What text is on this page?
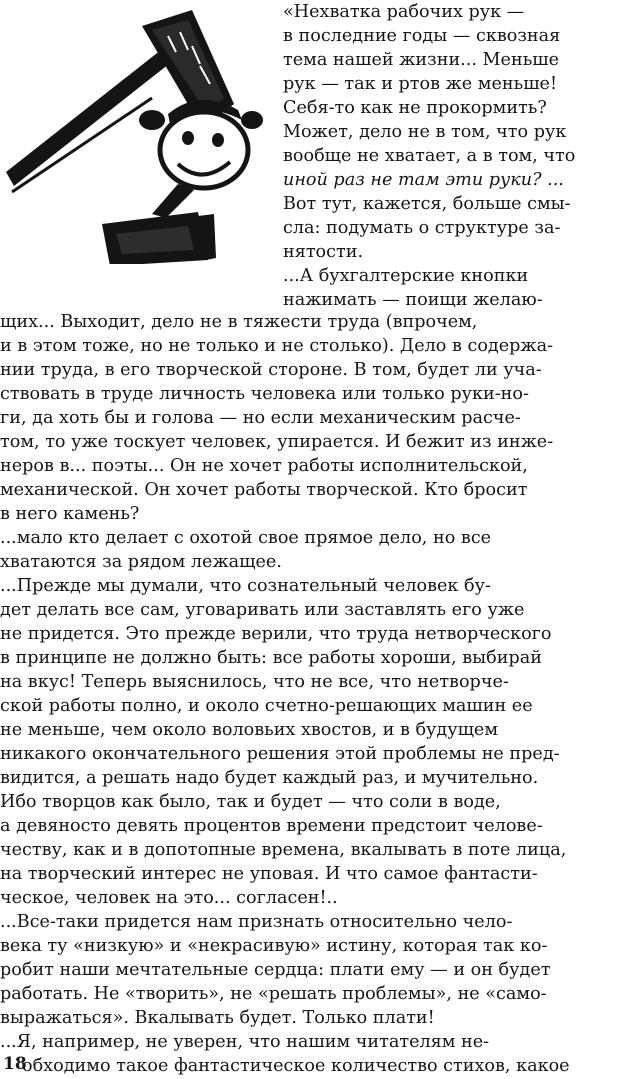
«Нехватка рабочих рук —
в последние годы — сквозная
тема нашей жизни... Меньше
рук — так и ртов же меньше!
Себя-то как не прокормить?
Может, дело не в том, что рук
вообще не хватает, а в том, что
иной раз не там эти руки? ...
Вот тут, кажется, больше смы-
сла: подумать о структуре за-
нятости.
...А бухгалтерские кнопки
нажимать — поищи желаю-
щих... Выходит, дело не в тяжести труда (впрочем,
и в этом тоже, но не только и не столько). Дело в содержа-
нии труда, в его творческой стороне. В том, будет ли уча-
ствовать в труде личность человека или только руки-но-
ги, да хоть бы и голова — но если механическим расче-
том, то уже тоскует человек, упирается. И бежит из инже-
неров в... поэты... Он не хочет работы исполнительской,
механической. Он хочет работы творческой. Кто бросит
в него камень?
...мало кто делает с охотой свое прямое дело, но все
хватаются за рядом лежащее.
...Прежде мы думали, что сознательный человек бу-
дет делать все сам, уговаривать или заставлять его уже
не придется. Это прежде верили, что труда нетворческого
в принципе не должно быть: все работы хороши, выбирай
на вкус! Теперь выяснилось, что не все, что нетворче-
ской работы полно, и около счетно-решающих машин ее
не меньше, чем около воловьих хвостов, и в будущем
никакого окончательного решения этой проблемы не пред-
видится, а решать надо будет каждый раз, и мучительно.
Ибо творцов как было, так и будет — что соли в воде,
а девяносто девять процентов времени предстоит челове-
честву, как и в допотопные времена, вкалывать в поте лица,
на творческий интерес не уповая. И что самое фантасти-
ческое, человек на это... согласен!..
...Все-таки придется нам признать относительно чело-
века ту «низкую» и «некрасивую» истину, которая так ко-
робит наши мечтательные сердца: плати ему — и он будет
работать. Не «творить», не «решать проблемы», не «само-
выражаться». Вкалывать будет. Только плати!
...Я, например, не уверен, что нашим читателям не-
обходимо такое фантастическое количество стихов, какое
18
